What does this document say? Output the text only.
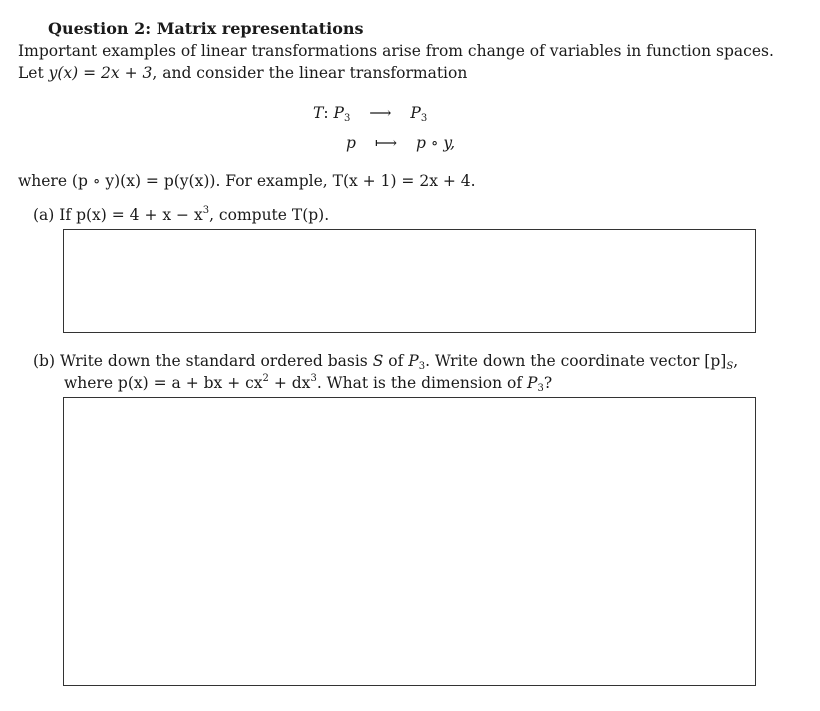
Question 2: Matrix representations
Important examples of linear transformations arise from change of variables in function spaces.
Let y(x) = 2x + 3, and consider the linear transformation
T: $P_3$ ⟶ $P_3$
p ⟼ p ∘ y,
where (p ∘ y)(x) = p(y(x)). For example, T(x + 1) = 2x + 4.
(a) If $p(x) = 4 + x - x^3$, compute T(p).
(b) Write down the standard ordered basis S of $P_3$. Write down the coordinate vector $[p]_S$,
where p(x) = a + bx + $cx^2 + dx^3$. What is the dimension of $P_3$?
